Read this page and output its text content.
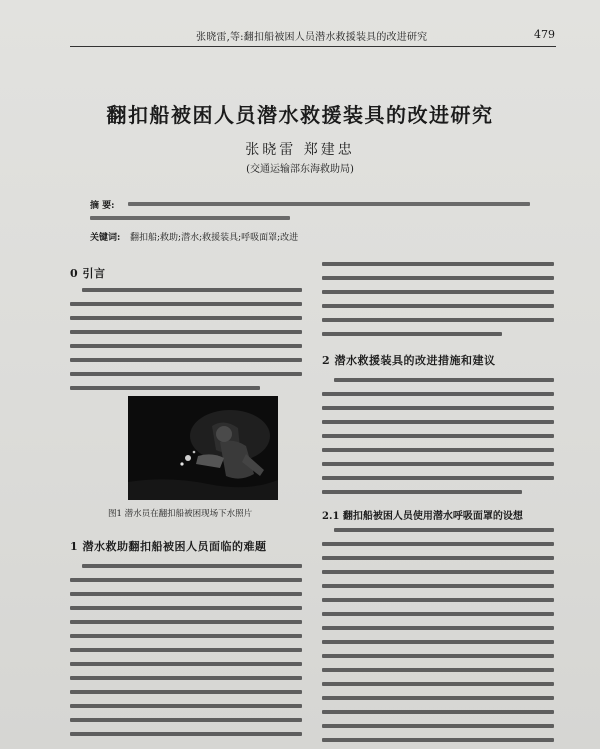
张晓雷,等:翻扣船被困人员潜水救援装具的改进研究	479
翻扣船被困人员潜水救援装具的改进研究
张晓雷 郑建忠
(交通运输部东海救助局)
摘 要:
关键词: 翻扣船;救助;潜水;救援装具;呼吸面罩;改进
0 引言
图1 潜水员在翻扣船被困现场下水照片
1 潜水救助翻扣船被困人员面临的难题
2 潜水救援装具的改进措施和建议
2.1 翻扣船被困人员使用潜水呼吸面罩的设想
